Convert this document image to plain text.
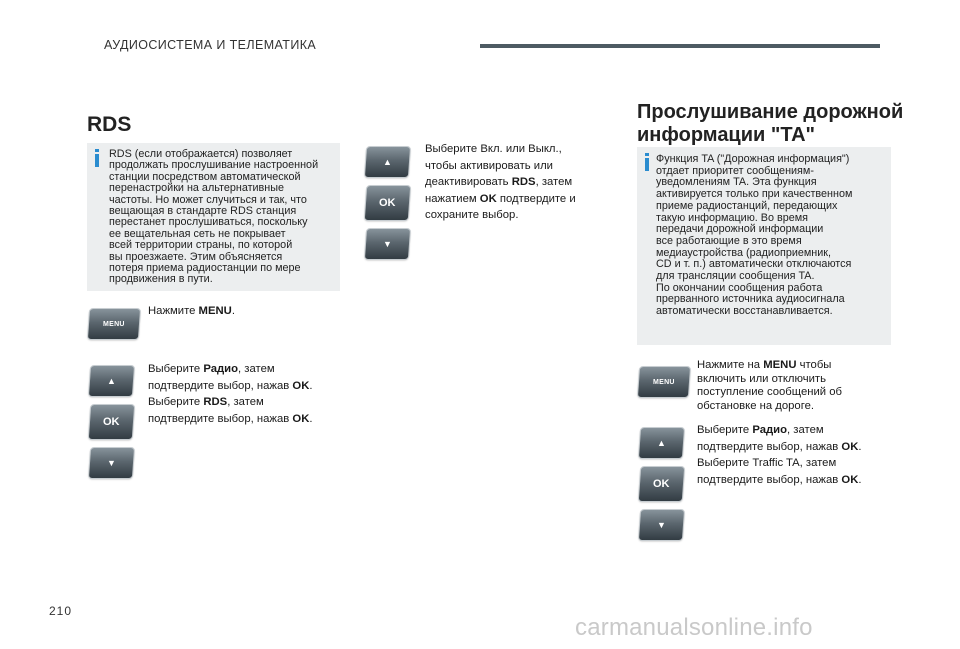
АУДИОСИСТЕМА И ТЕЛЕМАТИКА
RDS
RDS (если отображается) позволяет
продолжать прослушивание настроенной
станции посредством автоматической
перенастройки на альтернативные
частоты. Но может случиться и так, что
вещающая в стандарте RDS станция
перестанет прослушиваться, поскольку
ее вещательная сеть не покрывает
всей территории страны, по которой
вы проезжаете. Этим объясняется
потеря приема радиостанции по мере
продвижения в пути.
MENU
Нажмите MENU.
▲
OK
▼
Выберите Радио, затем
подтвердите выбор, нажав OK.
Выберите RDS, затем
подтвердите выбор, нажав OK.
▲
OK
▼
Выберите Вкл. или Выкл.,
чтобы активировать или
деактивировать RDS, затем
нажатием OK подтвердите и
сохраните выбор.
Прослушивание дорожной
информации "TA"
Функция TA ("Дорожная информация")
отдает приоритет сообщениям-
уведомлениям TA. Эта функция
активируется только при качественном
приеме радиостанций, передающих
такую информацию. Во время
передачи дорожной информации
все работающие в это время
медиаустройства (радиоприемник,
CD и т. п.) автоматически отключаются
для трансляции сообщения TA.
По окончании сообщения работа
прерванного источника аудиосигнала
автоматически восстанавливается.
MENU
Нажмите на MENU чтобы
включить или отключить
поступление сообщений об
обстановке на дороге.
▲
OK
▼
Выберите Радио, затем
подтвердите выбор, нажав OK.
Выберите Traffic TA, затем
подтвердите выбор, нажав OK.
210
carmanualsonline.info
